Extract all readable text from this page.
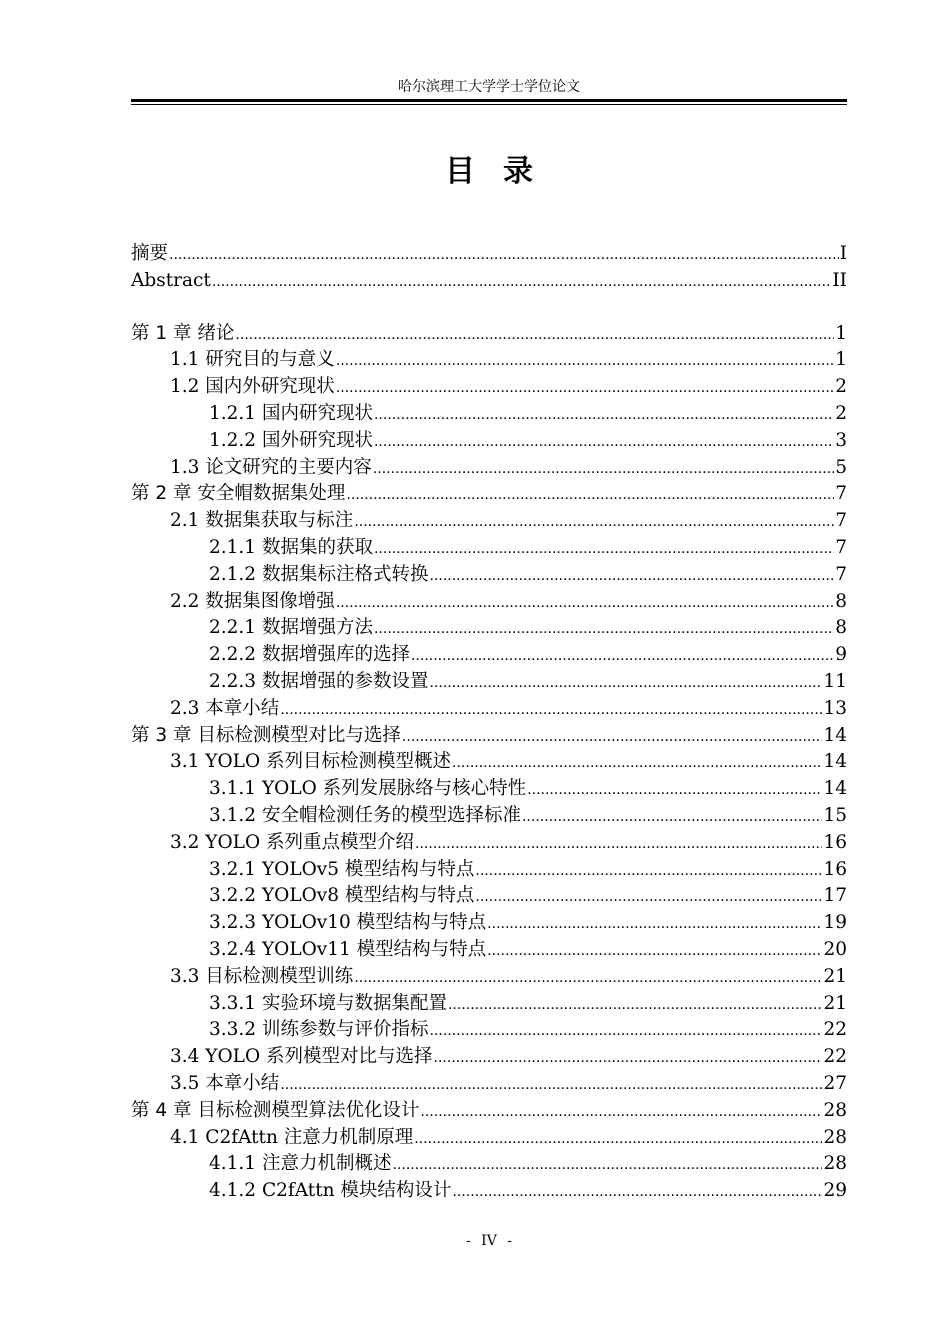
哈尔滨理工大学学士学位论文
目录
摘要 .....	I
Abstract .....	II
第 1 章 绪论 .....	1
1.1 研究目的与意义 .....	1
1.2 国内外研究现状 .....	2
1.2.1 国内研究现状 .....	2
1.2.2 国外研究现状 .....	3
1.3 论文研究的主要内容 .....	5
第 2 章 安全帽数据集处理 .....	7
2.1 数据集获取与标注 .....	7
2.1.1 数据集的获取 .....	7
2.1.2 数据集标注格式转换 .....	7
2.2 数据集图像增强 .....	8
2.2.1 数据增强方法 .....	8
2.2.2 数据增强库的选择 .....	9
2.2.3 数据增强的参数设置 .....	11
2.3 本章小结 .....	13
第 3 章 目标检测模型对比与选择 .....	14
3.1 YOLO 系列目标检测模型概述 .....	14
3.1.1 YOLO 系列发展脉络与核心特性 .....	14
3.1.2 安全帽检测任务的模型选择标准 .....	15
3.2 YOLO 系列重点模型介绍 .....	16
3.2.1 YOLOv5 模型结构与特点 .....	16
3.2.2 YOLOv8 模型结构与特点 .....	17
3.2.3 YOLOv10 模型结构与特点 .....	19
3.2.4 YOLOv11 模型结构与特点 .....	20
3.3 目标检测模型训练 .....	21
3.3.1 实验环境与数据集配置 .....	21
3.3.2 训练参数与评价指标 .....	22
3.4 YOLO 系列模型对比与选择 .....	22
3.5 本章小结 .....	27
第 4 章 目标检测模型算法优化设计 .....	28
4.1 C2fAttn 注意力机制原理 .....	28
4.1.1 注意力机制概述 .....	28
4.1.2 C2fAttn 模块结构设计 .....	29
- IV -
